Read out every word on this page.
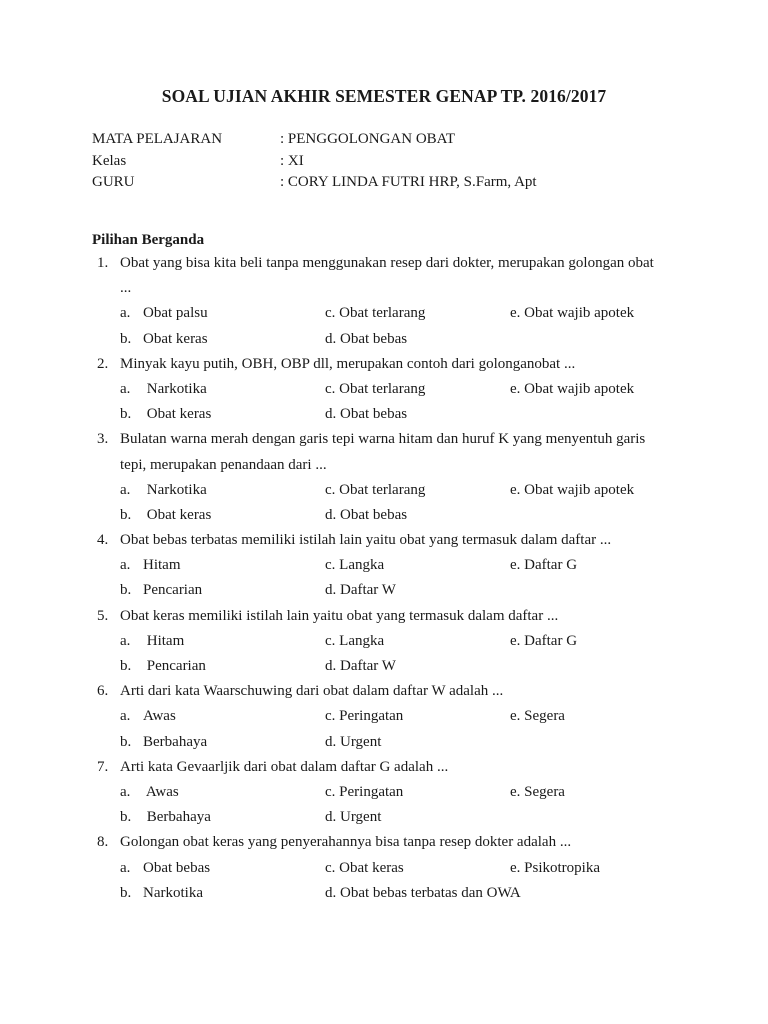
SOAL UJIAN AKHIR SEMESTER GENAP TP. 2016/2017
MATA PELAJARAN	: PENGGOLONGAN OBAT
Kelas	: XI
GURU	: CORY LINDA FUTRI HRP, S.Farm, Apt
Pilihan Berganda
1. Obat yang bisa kita beli tanpa menggunakan resep dari dokter, merupakan golongan obat
...
a. Obat palsu	c. Obat terlarang	e. Obat wajib apotek
b. Obat keras	d. Obat bebas
2. Minyak kayu putih, OBH, OBP dll, merupakan contoh dari golonganobat ...
a. Narkotika	c. Obat terlarang	e. Obat wajib apotek
b. Obat keras	d. Obat bebas
3. Bulatan warna merah dengan garis tepi warna hitam dan huruf K yang menyentuh garis
tepi, merupakan penandaan dari ...
a. Narkotika	c. Obat terlarang	e. Obat wajib apotek
b. Obat keras	d. Obat bebas
4. Obat bebas terbatas memiliki istilah lain yaitu obat yang termasuk dalam daftar ...
a. Hitam	c. Langka	e. Daftar G
b. Pencarian	d. Daftar W
5. Obat keras memiliki istilah lain yaitu obat yang termasuk dalam daftar ...
a. Hitam	c. Langka	e. Daftar G
b. Pencarian	d. Daftar W
6. Arti dari kata Waarschuwing dari obat dalam daftar W adalah ...
a. Awas	c. Peringatan	e. Segera
b. Berbahaya	d. Urgent
7. Arti kata Gevaarljik dari obat dalam daftar G adalah ...
a. Awas	c. Peringatan	e. Segera
b. Berbahaya	d. Urgent
8. Golongan obat keras yang penyerahannya bisa tanpa resep dokter adalah ...
a. Obat bebas	c. Obat keras	e. Psikotropika
b. Narkotika	d. Obat bebas terbatas dan OWA
